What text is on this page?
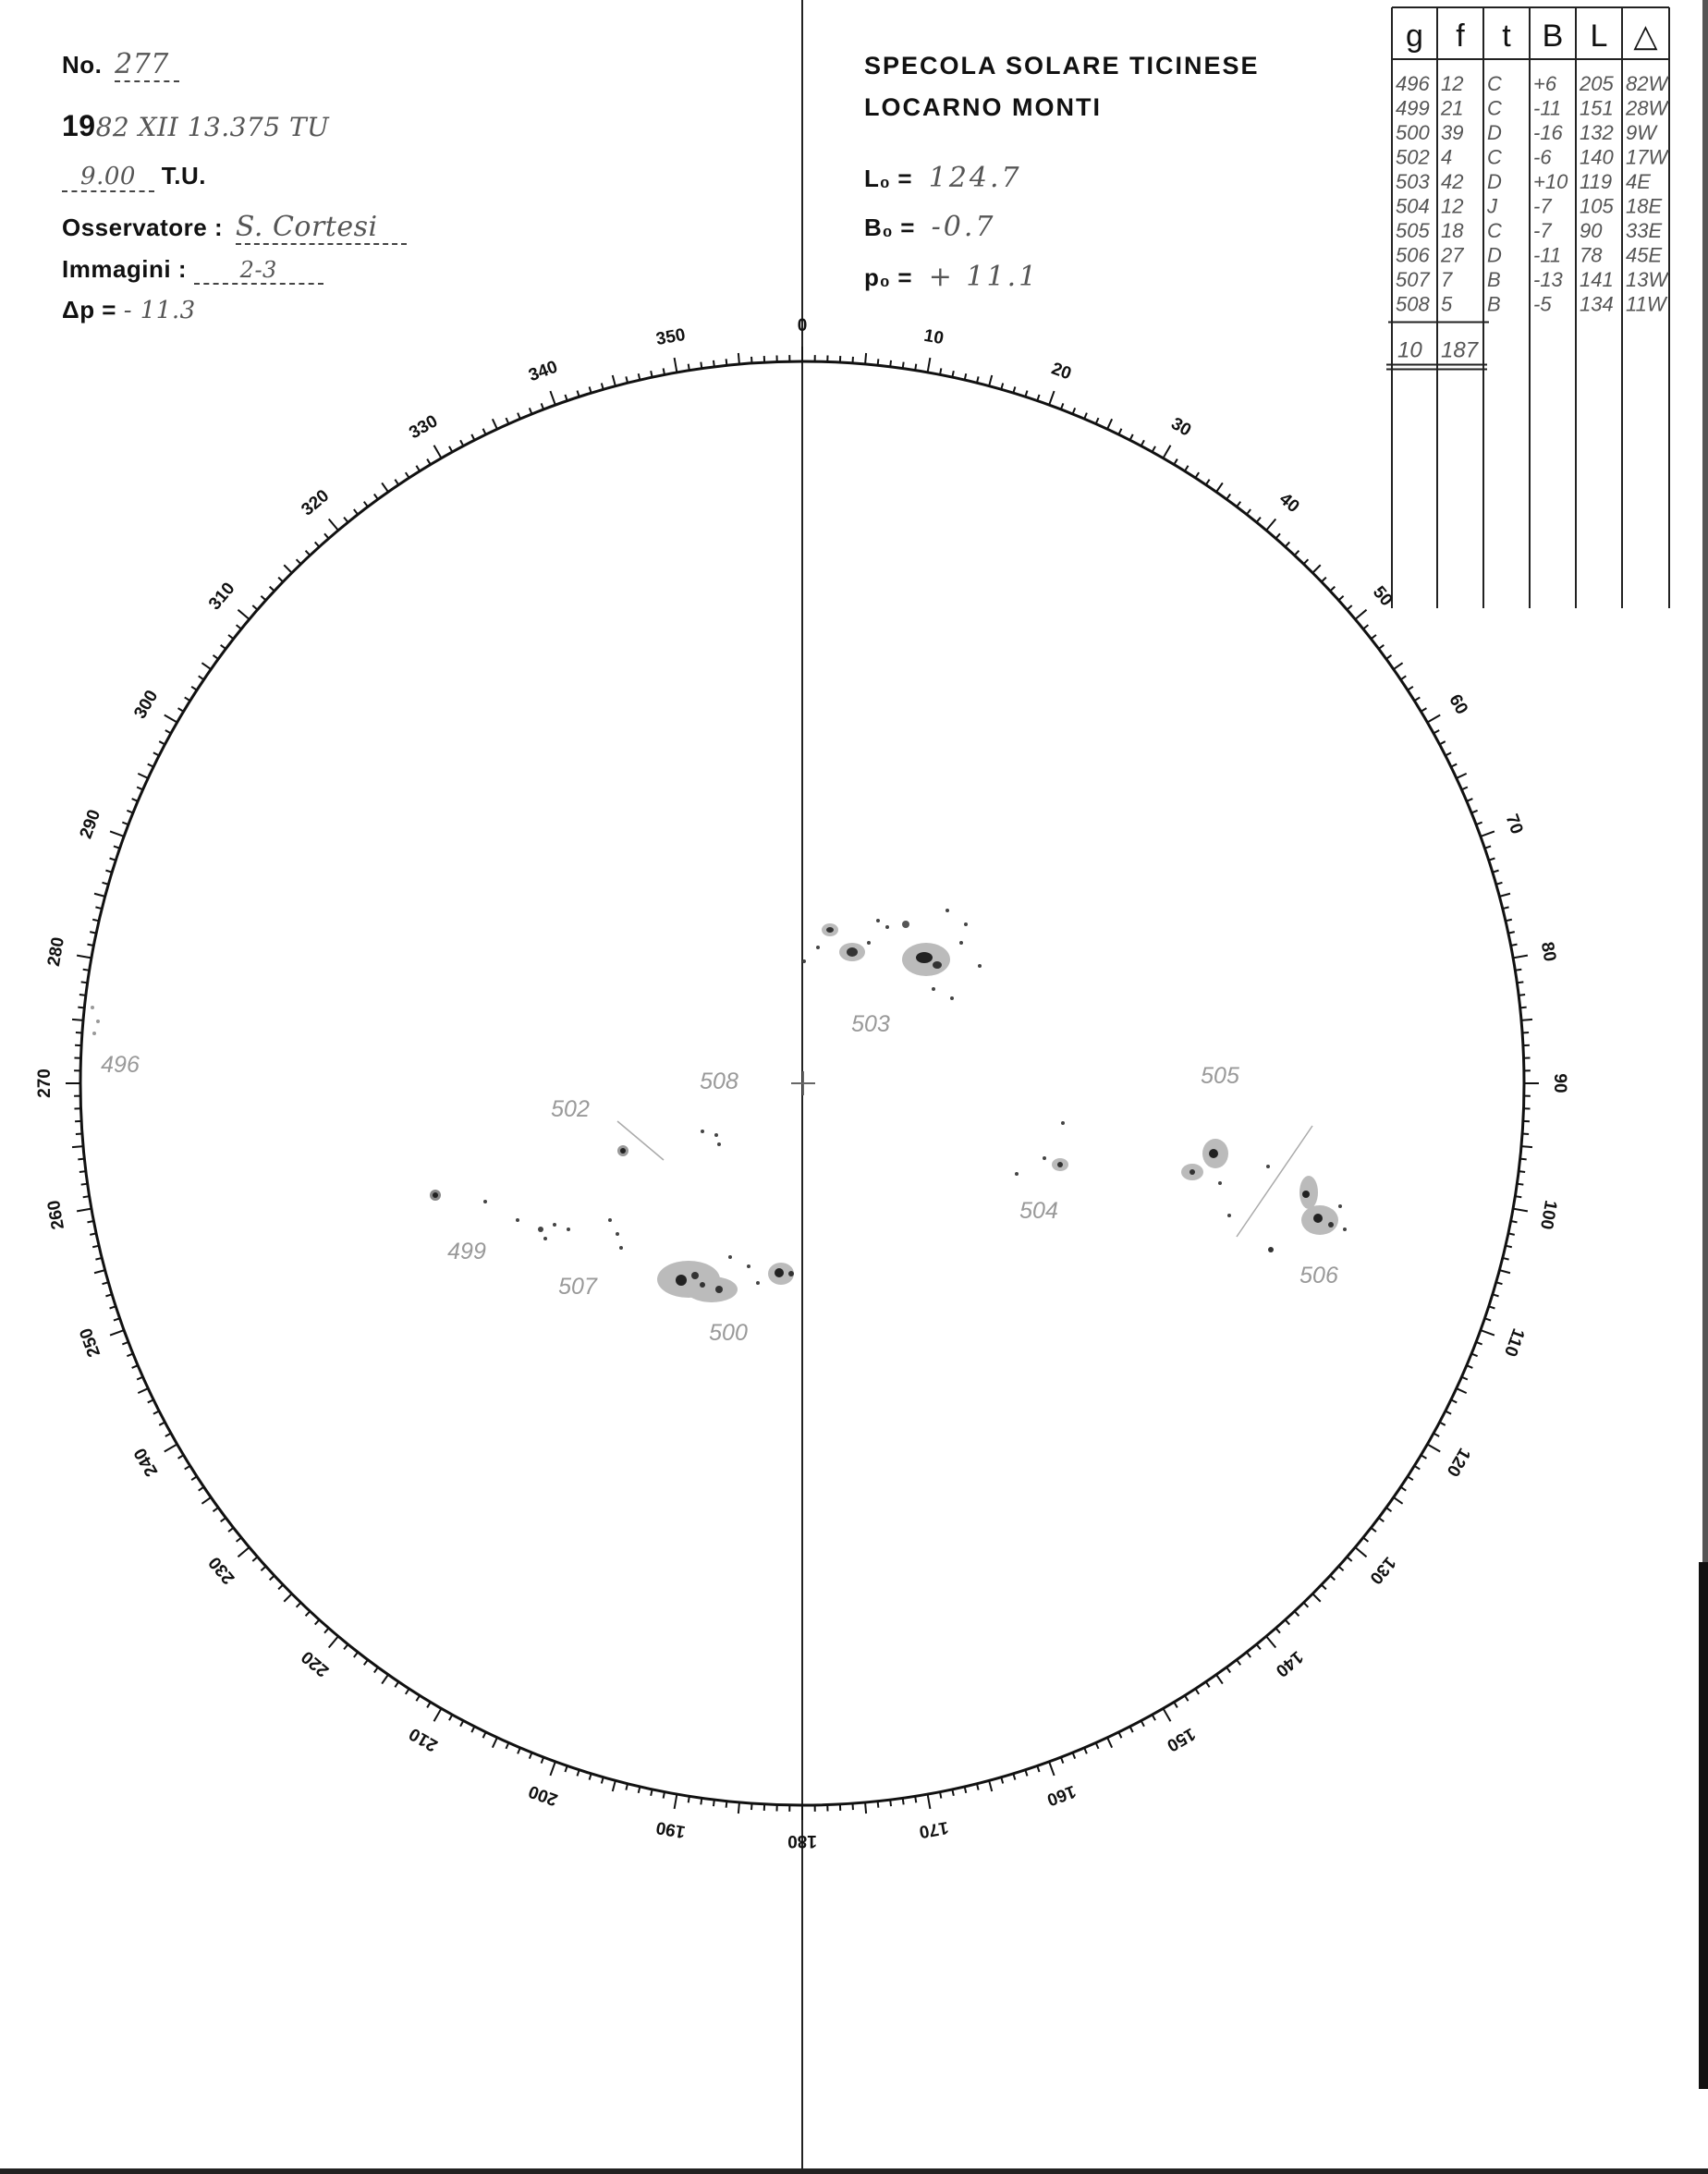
No. 277
1982 XII 13.375 TU
9.00 T.U.
Osservatore : S. Cortesi
Immagini : 2-3
Δp = - 11.3
SPECOLA SOLARE TICINESE
LOCARNO MONTI
L₀ = 124.7
B₀ = -0.7
p₀ = + 11.1
g f t B L △
496 12 C +6 205 82W
499 21 C -11 151 28W
500 39 D -16 132 9W
502 4 C -6 140 17W
503 42 D +10 119 4E
504 12 J -7 105 18E
505 18 C -7 90 33E
506 27 D -11 78 45E
507 7 B -13 141 13W
508 5 B -5 134 11W
10 187
0
10
20
30
40
50
60
70
80
90
100
110
120
130
140
150
160
170
180
190
200
210
220
230
240
250
260
270
280
290
300
310
320
330
340
350
496
499
500
502
503
504
505
506
507
508
